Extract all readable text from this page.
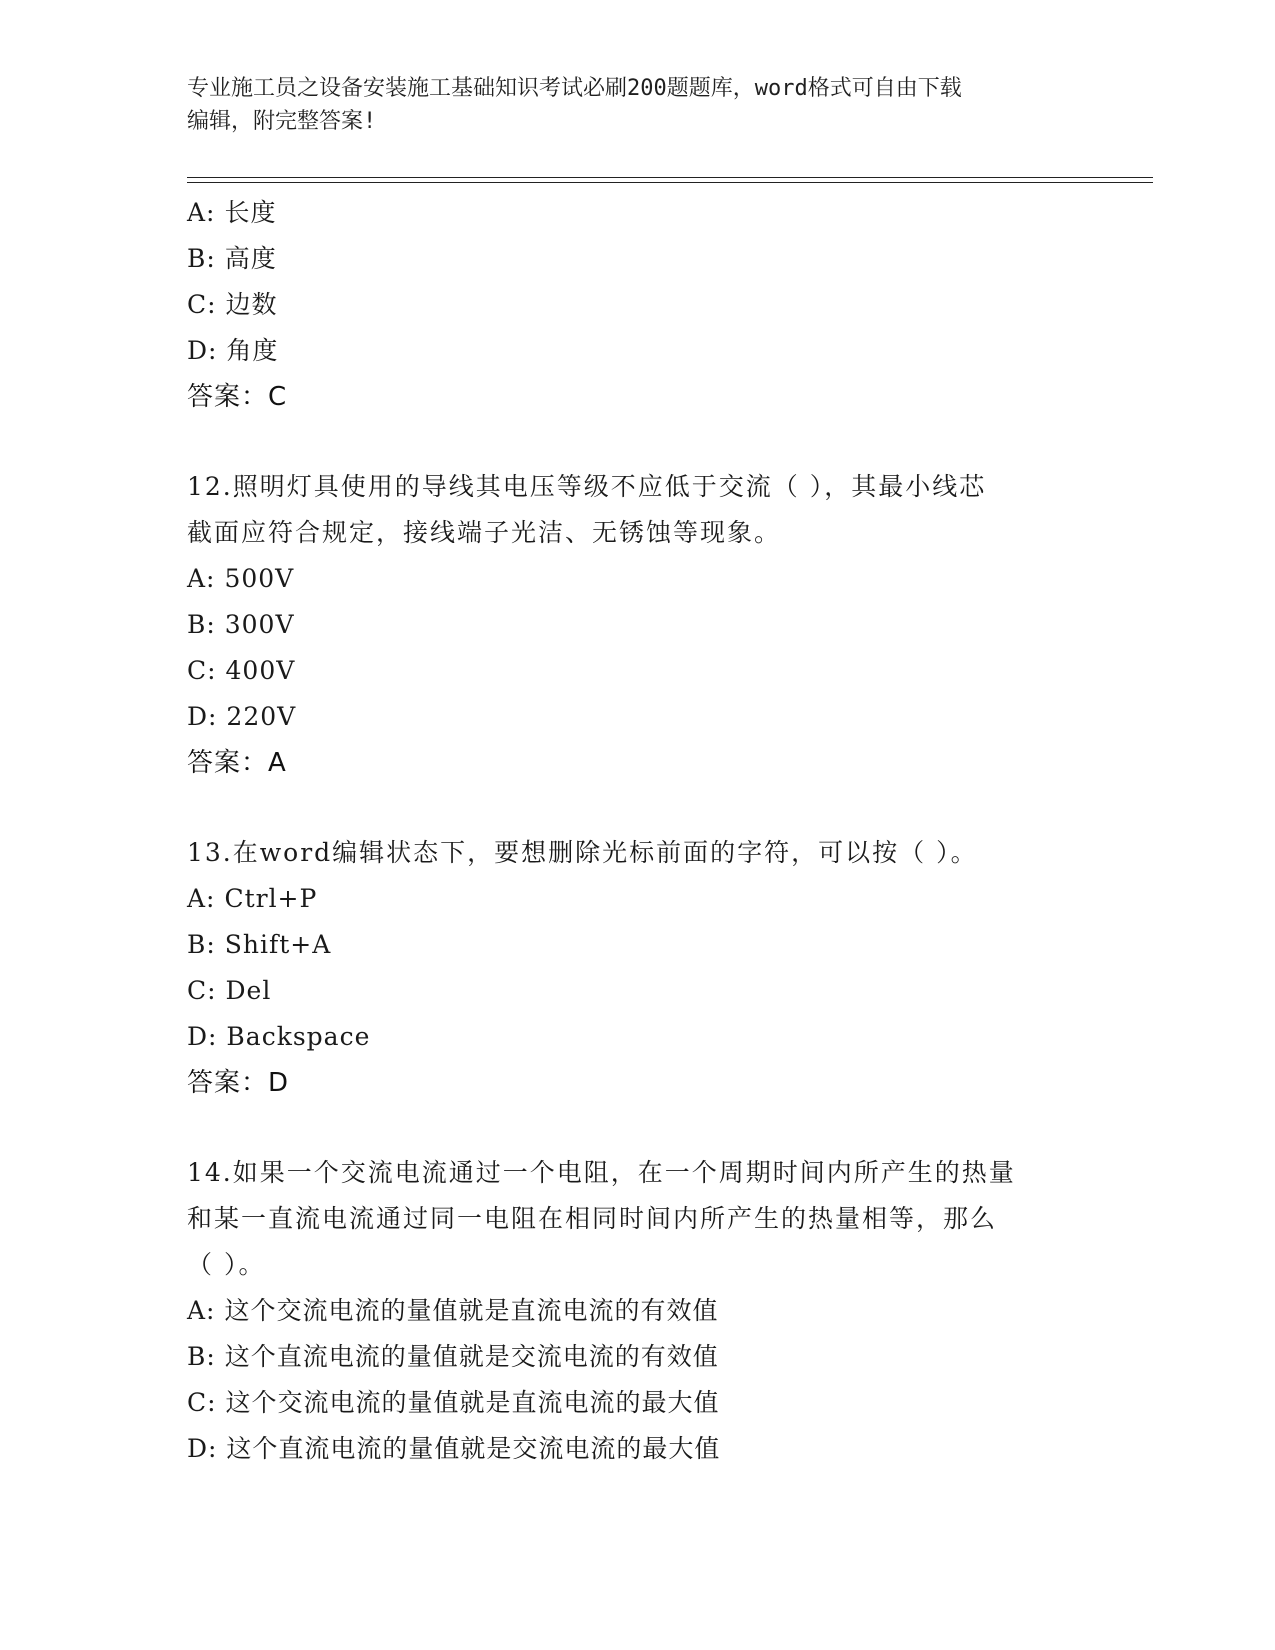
专业施工员之设备安装施工基础知识考试必刷200题题库，word格式可自由下载
编辑，附完整答案!
A: 长度
B: 高度
C: 边数
D: 角度
答案：C
12.照明灯具使用的导线其电压等级不应低于交流（ ），其最小线芯
截面应符合规定，接线端子光洁、无锈蚀等现象。
A: 500V
B: 300V
C: 400V
D: 220V
答案：A
13.在word编辑状态下，要想删除光标前面的字符，可以按（ ）。
A: Ctrl+P
B: Shift+A
C: Del
D: Backspace
答案：D
14.如果一个交流电流通过一个电阻，在一个周期时间内所产生的热量
和某一直流电流通过同一电阻在相同时间内所产生的热量相等，那么
（ ）。
A: 这个交流电流的量值就是直流电流的有效值
B: 这个直流电流的量值就是交流电流的有效值
C: 这个交流电流的量值就是直流电流的最大值
D: 这个直流电流的量值就是交流电流的最大值
